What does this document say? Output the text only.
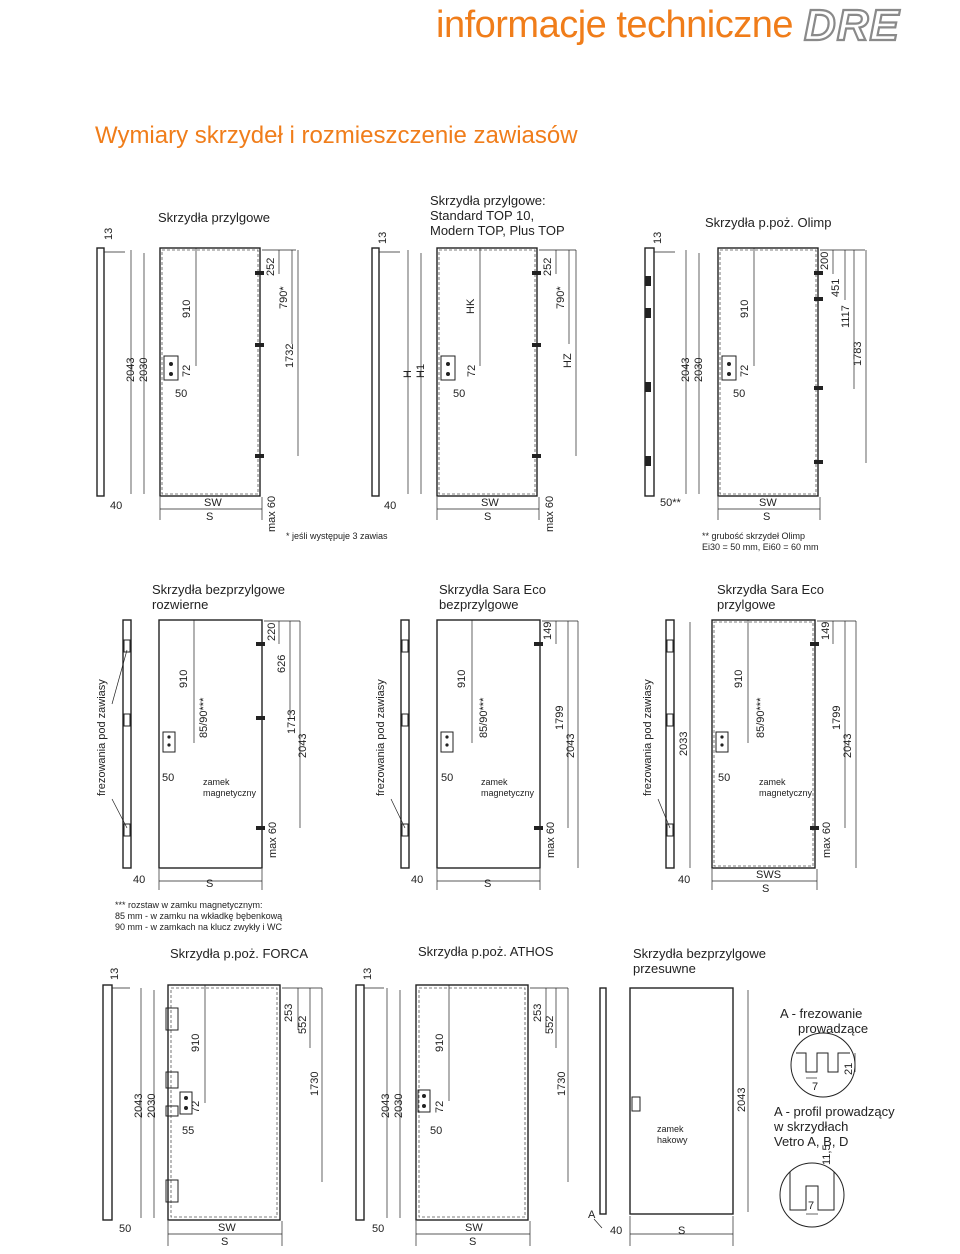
informacje techniczne DRE
Wymiary skrzydeł i rozmieszczenie zawiasów
Skrzydła przylgowe
13
2043 2030
910
72
50
252
790*
1732
40	SW
S	max 60
* jeśli występuje 3 zawias
Skrzydła przylgowe:
Standard TOP 10,
Modern TOP, Plus TOP
13
H H1	72
50
HK
252
790*
HZ
40	SW
S	max 60
Skrzydła p.poż. Olimp
13
2043 2030
910
72
50
200
451
1117
1783
50**	SW
S
** grubość skrzydeł Olimp
Ei30 = 50 mm, Ei60 = 60 mm
Skrzydła bezprzylgowe
rozwierne
frezowania pod zawiasy
910
85/90***
50	zamek
magnetyczny
220
626
1713
2043
max 60
40	S
*** rozstaw w zamku magnetycznym:
85 mm - w zamku na wkładkę bębenkową
90 mm - w zamkach na klucz zwykły i WC
Skrzydła Sara Eco
bezprzylgowe
frezowania pod zawiasy
910
85/90***
50	zamek
magnetyczny
149
1799
2043
max 60
40	S
Skrzydła Sara Eco
przylgowe
frezowania pod zawiasy 2033
910
85/90***
50	zamek
magnetyczny
149
1799
2043
max 60
40	SWS
S
Skrzydła p.poż. FORCA
13
2043 2030
910
72
55
253
552
1730
50	SW
S
Skrzydła p.poż. ATHOS
13
2043 2030
910
72
50
253
552
1730
50	SW
S
Skrzydła bezprzylgowe
przesuwne
A
zamek
hakowy
2043
40	S
A - frezowanie
prowadzące
7
21
A - profil prowadzący
w skrzydłach
Vetro A, B, D
11,5
7
